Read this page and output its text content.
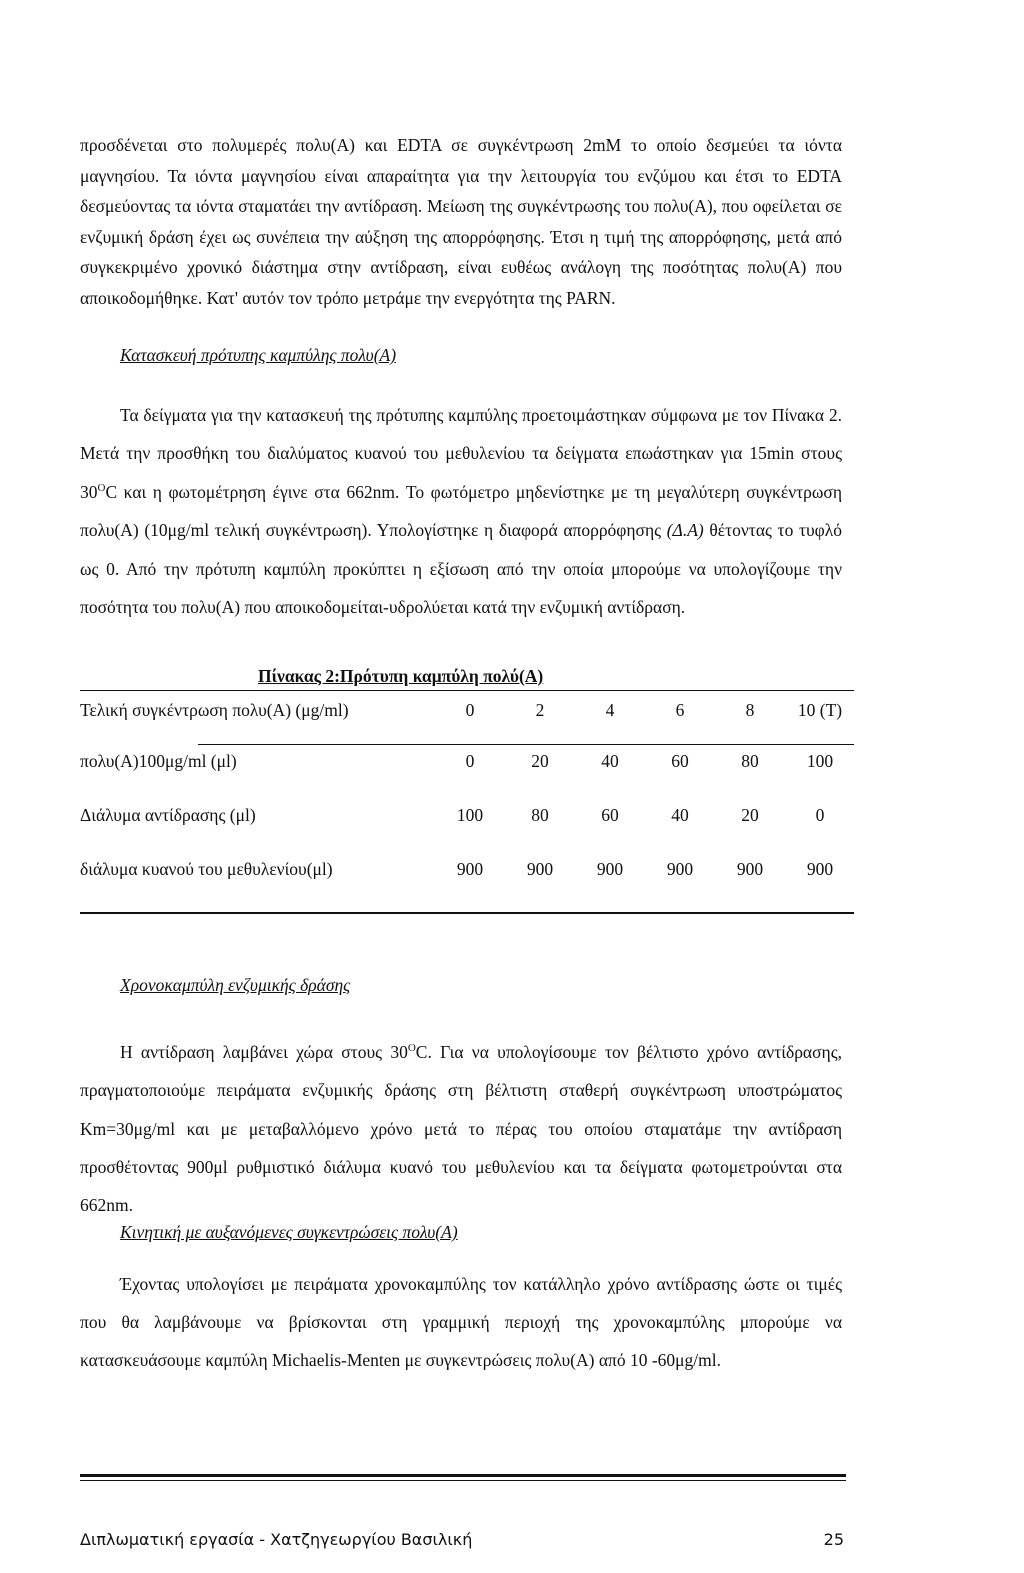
προσδένεται στο πολυμερές πολυ(Α) και EDTA σε συγκέντρωση 2mM το οποίο δεσμεύει τα ιόντα μαγνησίου. Τα ιόντα μαγνησίου είναι απαραίτητα για την λειτουργία του ενζύμου και έτσι το EDTA δεσμεύοντας τα ιόντα σταματάει την αντίδραση. Μείωση της συγκέντρωσης του πολυ(Α), που οφείλεται σε ενζυμική δράση έχει ως συνέπεια την αύξηση της απορρόφησης. Έτσι η τιμή της απορρόφησης, μετά από συγκεκριμένο χρονικό διάστημα στην αντίδραση, είναι ευθέως ανάλογη της ποσότητας πολυ(Α) που αποικοδομήθηκε. Κατ' αυτόν τον τρόπο μετράμε την ενεργότητα της PARN.
Κατασκευή πρότυπης καμπύλης πολυ(Α)
Τα δείγματα για την κατασκευή της πρότυπης καμπύλης προετοιμάστηκαν σύμφωνα με τον Πίνακα 2. Μετά την προσθήκη του διαλύματος κυανού του μεθυλενίου τα δείγματα επωάστηκαν για 15min στους $30^OC$ και η φωτομέτρηση έγινε στα 662nm. Το φωτόμετρο μηδενίστηκε με τη μεγαλύτερη συγκέντρωση πολυ(Α) (10μg/ml τελική συγκέντρωση). Υπολογίστηκε η διαφορά απορρόφησης (Δ.Α) θέτοντας το τυφλό ως 0. Από την πρότυπη καμπύλη προκύπτει η εξίσωση από την οποία μπορούμε να υπολογίζουμε την ποσότητα του πολυ(Α) που αποικοδομείται-υδρολύεται κατά την ενζυμική αντίδραση.
Πίνακας 2:Πρότυπη καμπύλη πολύ(Α)
Τελική συγκέντρωση πολυ(Α) (μg/ml)	0	2	4	6	8	10 (Τ)
πολυ(Α)100μg/ml (μl)	0	20	40	60	80	100
Διάλυμα αντίδρασης (μl)	100	80	60	40	20	0
διάλυμα κυανού του μεθυλενίου(μl)	900	900	900	900	900	900
Χρονοκαμπύλη ενζυμικής δράσης
Η αντίδραση λαμβάνει χώρα στους $30^OC$. Για να υπολογίσουμε τον βέλτιστο χρόνο αντίδρασης, πραγματοποιούμε πειράματα ενζυμικής δράσης στη βέλτιστη σταθερή συγκέντρωση υποστρώματος Km=30μg/ml και με μεταβαλλόμενο χρόνο μετά το πέρας του οποίου σταματάμε την αντίδραση προσθέτοντας 900μl ρυθμιστικό διάλυμα κυανό του μεθυλενίου και τα δείγματα φωτομετρούνται στα 662nm.
Κινητική με αυξανόμενες συγκεντρώσεις πολυ(Α)
Έχοντας υπολογίσει με πειράματα χρονοκαμπύλης τον κατάλληλο χρόνο αντίδρασης ώστε οι τιμές που θα λαμβάνουμε να βρίσκονται στη γραμμική περιοχή της χρονοκαμπύλης μπορούμε να κατασκευάσουμε καμπύλη Michaelis-Menten με συγκεντρώσεις πολυ(Α) από 10 -60μg/ml.
Διπλωματική εργασία - Χατζηγεωργίου Βασιλική	25
